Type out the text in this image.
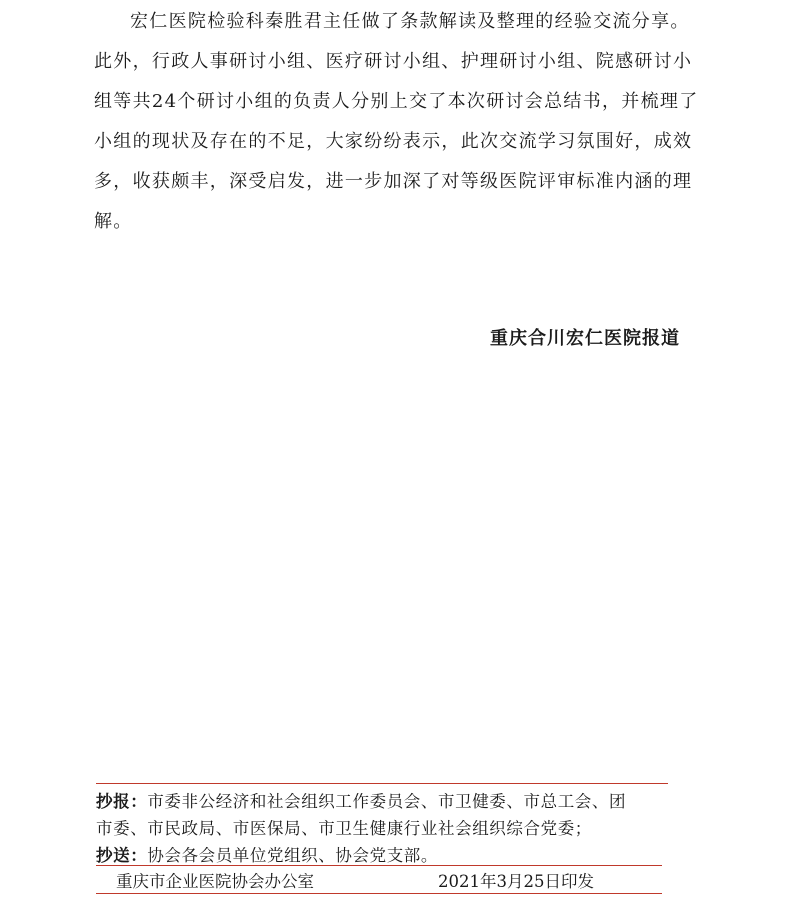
宏仁医院检验科秦胜君主任做了条款解读及整理的经验交流分享。
此外，行政人事研讨小组、医疗研讨小组、护理研讨小组、院感研讨小
组等共24个研讨小组的负责人分别上交了本次研讨会总结书，并梳理了
小组的现状及存在的不足，大家纷纷表示，此次交流学习氛围好，成效
多，收获颇丰，深受启发，进一步加深了对等级医院评审标准内涵的理
解。
重庆合川宏仁医院报道
抄报：市委非公经济和社会组织工作委员会、市卫健委、市总工会、团
市委、市民政局、市医保局、市卫生健康行业社会组织综合党委；
抄送：协会各会员单位党组织、协会党支部。
重庆市企业医院协会办公室	2021年3月25日印发
